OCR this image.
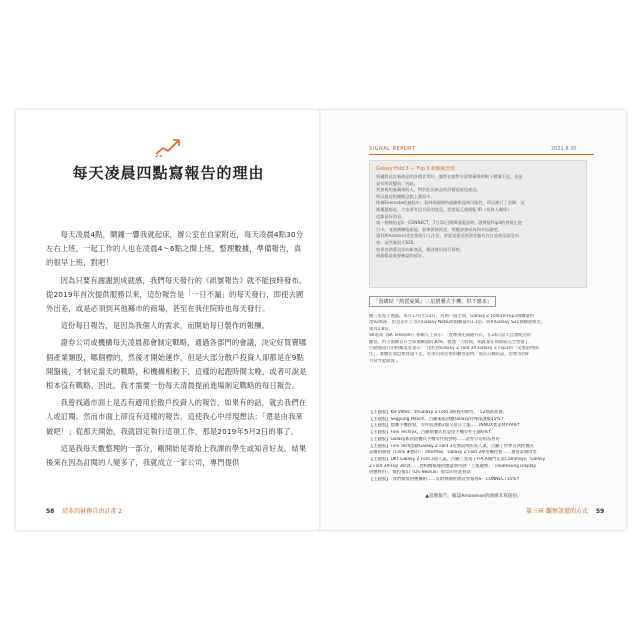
每天凌晨四點寫報告的理由

每天凌晨4點，鬧鐘一響我就起床，辦公室在自家附近，每天凌晨4點30分左右上班，一起工作的人也在凌晨4～6點之間上班，整理數據，準備報告，真的很早上班，對吧！

因為只要有謝謝到成就感，我們每天發行的《訊號報告》就不能按時發布。從2019年首次提供服務以來，這份報告是「一日不漏」的每天發行，即使去國外出差，或是必須到其他縣市的商場，甚至在我住院時也每天發行。

這份每日報告，是因為我個人的需求，而開始每日製作的報酬。

證券公司或機構每天凌晨都會制定戰略，通過各部門的會議，決定好買賣哪個產業類股，哪個標的，然後才開始運作，但是大部分散戶投資人卻都是在9點開盤後，才制定當天的戰略，和機構相較下，這樣的起跑時間太晚，或者可說是根本沒有戰略。因此，我才需要一份每天清晨提前進場制定戰略的每日報告。

我曾找過市面上是否有適用於散戶投資人的報告，如果有的話，就去我們在人或訂閱。然而市面上卻沒有這樣的報告，這使我心中浮現想法：「還是由我來做吧！」從那天開始，我就固定執行這項工作，那是2019年5月2日的事了。

這是我每天數整理的一部分，剛開始是寄給上我課的學生或知音好友，結果後來在因為訂閱的人變多了，我就成立一家公司，專門提供

58 給韭的財務自由計畫 2
SIGNAL REPORT	2021.8.30
Galaxy Fold 3 ＋ Flip 3 相關概念股
周邊對這次新產品的評價非常好，雖然在銷售方面和蘋果相較下稍嫌不足，但是
是有所改變的，因此，
我會使用過蘋果的人，對於此次新品的評價是最佳產品。
所以最近相關概念股上漲很多。
保養Evernote的過程中，看到兩個標的組聯收益的可能性，所以進行了登錄，這
裡優選都是，大家要有這方面的訊息，希望能互相搭配 IR（投資人關係）
這都是好消息。
第一個標的是S－CONNECT，7月16日與IR通電話時，證實從Flip3的供貨正進
行中，並預備擴張產能，如果供貨的話，那應該會成為利多因素吧。
還有Amosense也在搭配引入注意，要說是最近投資者雖有在注意產品訊息內
容，這些量很大S20。
如果也熱愛這次的新產品，應該會出現行情吧。
兩個都是需要確認的部分。
「預購結『熱賣旋風』三星摺疊式手機，供不應求」
據三星電子透露，本月17日至23日，為期一週之間，Galaxy Z Fold3和Flip3預購量約
達92萬部，由是去年上市的Galaxy Note20預購量的1.1倍，而和Galaxy S21預購量相比，
則為1.8倍。
SK電訊（SK Telecom）相關人士表示：「透摩預先開通方式，在24日當天首發配送的
顧客，約占預購首日全部預購量的30%，僅僅一天時間，開就量在如期就完全售罄了，
行動通訊行的相關業者表示：「由於對Galaxy Z Fold 3和Galaxy Z Flip3的『史無前例開
注』，實體店面恐無貨量不足，必須向來店裡的顧客說明，現在訂購的話，也要等到9
月份才能取貨」。
【主題股】KH Vatec，對Galaxy Z Fold 3熱賣的期待，「52週新高價」
【主題股】Segyung Hitech，凸顯獨家供應Galaxy特殊保護膜15%↑
【主題股】摺疊手機熱賣，零件股連續2個交易日上漲……INNOX實業材料9%↑
【主題股】Fine Technix，凸顯摺疊式智慧型手機零件主題6%↑
【主題股】Galaxy新款摺疊式手機零件股強勢……證券公司相當看好
【主題股】Fine Tech憑藉Galaxy Z Fold 3史無前例的高人氣，凸顯了世界首款摺疊式
設備的開發（Click ★標的）」Interflex，Galaxy Z Fold 3專用觸控板……預估業績改善
【主題股】DKT Galaxy Z Fold 3超人氣，凸顯三星電子FPCA獨門企業Cammsys，Galaxy
Z Fold 3和Flip 3缺貨……對相機模塊供應量期待感「上漲趨勢」「向Samsung Display
供應材料」，維持他山（DS Neolux）股票的買進看法
【主題股】「我們確實供應機組……反駁韓國經濟證券報導S－CONNECT15%↑
▲訊號報告，確認Amosense的商績未寫值佰。
第三章 觀察訊號的方式 59
